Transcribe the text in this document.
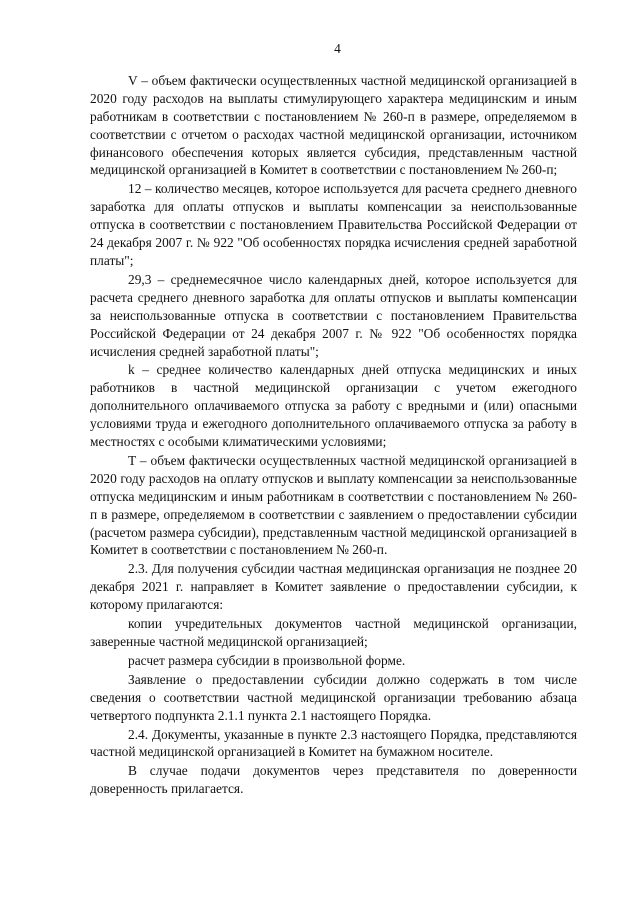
4

V – объем фактически осуществленных частной медицинской организацией в 2020 году расходов на выплаты стимулирующего характера медицинским и иным работникам в соответствии с постановлением № 260-п в размере, определяемом в соответствии с отчетом о расходах частной медицинской организации, источником финансового обеспечения которых является субсидия, представленным частной медицинской организацией в Комитет в соответствии с постановлением № 260-п;

12 – количество месяцев, которое используется для расчета среднего дневного заработка для оплаты отпусков и выплаты компенсации за неиспользованные отпуска в соответствии с постановлением Правительства Российской Федерации от 24 декабря 2007 г. № 922 "Об особенностях порядка исчисления средней заработной платы";

29,3 – среднемесячное число календарных дней, которое используется для расчета среднего дневного заработка для оплаты отпусков и выплаты компенсации за неиспользованные отпуска в соответствии с постановлением Правительства Российской Федерации от 24 декабря 2007 г. № 922 "Об особенностях порядка исчисления средней заработной платы";

k – среднее количество календарных дней отпуска медицинских и иных работников в частной медицинской организации с учетом ежегодного дополнительного оплачиваемого отпуска за работу с вредными и (или) опасными условиями труда и ежегодного дополнительного оплачиваемого отпуска за работу в местностях с особыми климатическими условиями;

T – объем фактически осуществленных частной медицинской организацией в 2020 году расходов на оплату отпусков и выплату компенсации за неиспользованные отпуска медицинским и иным работникам в соответствии с постановлением № 260-п в размере, определяемом в соответствии с заявлением о предоставлении субсидии (расчетом размера субсидии), представленным частной медицинской организацией в Комитет в соответствии с постановлением № 260-п.

2.3. Для получения субсидии частная медицинская организация не позднее 20 декабря 2021 г. направляет в Комитет заявление о предоставлении субсидии, к которому прилагаются:

копии учредительных документов частной медицинской организации, заверенные частной медицинской организацией;

расчет размера субсидии в произвольной форме.

Заявление о предоставлении субсидии должно содержать в том числе сведения о соответствии частной медицинской организации требованию абзаца четвертого подпункта 2.1.1 пункта 2.1 настоящего Порядка.

2.4. Документы, указанные в пункте 2.3 настоящего Порядка, представляются частной медицинской организацией в Комитет на бумажном носителе.

В случае подачи документов через представителя по доверенности доверенность прилагается.
